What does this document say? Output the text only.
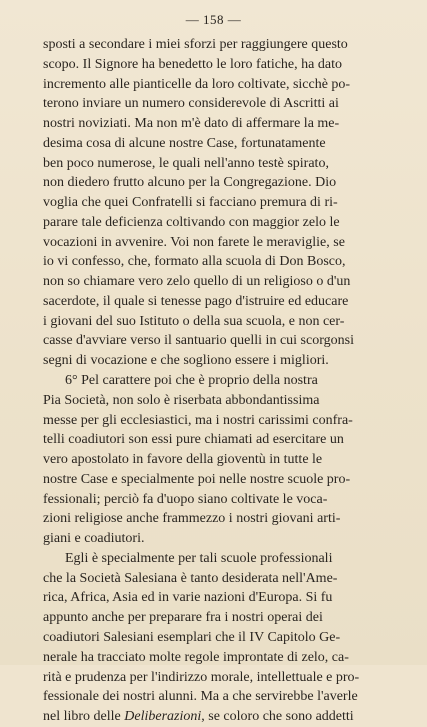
— 158 —
sposti a secondare i miei sforzi per raggiungere questo
scopo. Il Signore ha benedetto le loro fatiche, ha dato
incremento alle pianticelle da loro coltivate, sicchè po-
terono inviare un numero considerevole di Ascritti ai
nostri noviziati. Ma non m'è dato di affermare la me-
desima cosa di alcune nostre Case, fortunatamente
ben poco numerose, le quali nell'anno testè spirato,
non diedero frutto alcuno per la Congregazione. Dio
voglia che quei Confratelli si facciano premura di ri-
parare tale deficienza coltivando con maggior zelo le
vocazioni in avvenire. Voi non farete le meraviglie, se
io vi confesso, che, formato alla scuola di Don Bosco,
non so chiamare vero zelo quello di un religioso o d'un
sacerdote, il quale si tenesse pago d'istruire ed educare
i giovani del suo Istituto o della sua scuola, e non cer-
casse d'avviare verso il santuario quelli in cui scorgonsi
segni di vocazione e che sogliono essere i migliori.
6° Pel carattere poi che è proprio della nostra
Pia Società, non solo è riserbata abbondantissima
messe per gli ecclesiastici, ma i nostri carissimi confra-
telli coadiutori son essi pure chiamati ad esercitare un
vero apostolato in favore della gioventù in tutte le
nostre Case e specialmente poi nelle nostre scuole pro-
fessionali; perciò fa d'uopo siano coltivate le voca-
zioni religiose anche frammezzo i nostri giovani arti-
giani e coadiutori.
Egli è specialmente per tali scuole professionali
che la Società Salesiana è tanto desiderata nell'Ame-
rica, Africa, Asia ed in varie nazioni d'Europa. Si fu
appunto anche per preparare fra i nostri operai dei
coadiutori Salesiani esemplari che il IV Capitolo Ge-
nerale ha tracciato molte regole improntate di zelo, ca-
rità e prudenza per l'indirizzo morale, intellettuale e pro-
fessionale dei nostri alunni. Ma a che servirebbe l'averle
nel libro delle Deliberazioni, se coloro che sono addetti
